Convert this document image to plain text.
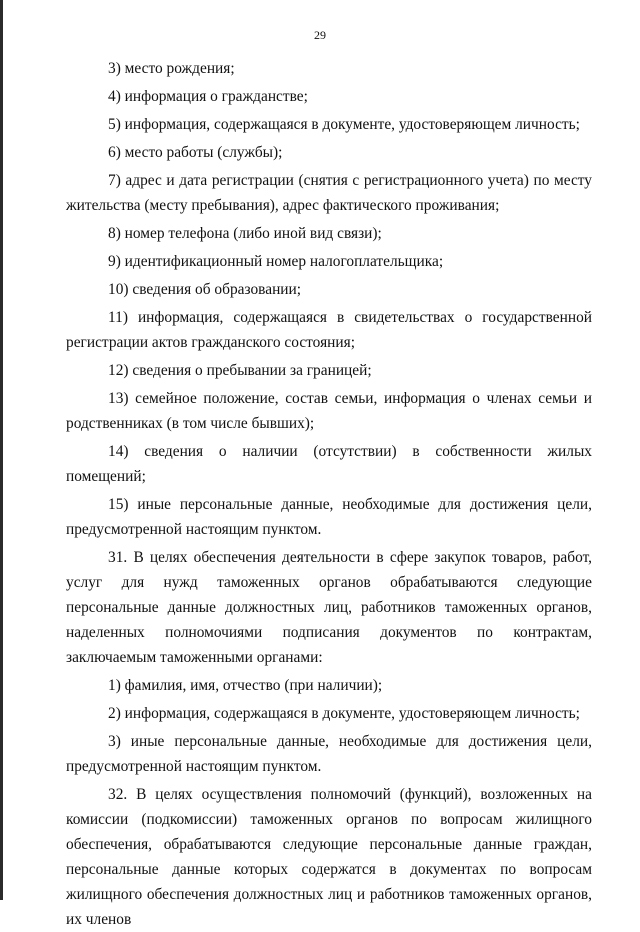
29

3) место рождения;

4) информация о гражданстве;

5) информация, содержащаяся в документе, удостоверяющем личность;

6) место работы (службы);

7) адрес и дата регистрации (снятия с регистрационного учета) по месту жительства (месту пребывания), адрес фактического проживания;

8) номер телефона (либо иной вид связи);

9) идентификационный номер налогоплательщика;

10) сведения об образовании;

11) информация, содержащаяся в свидетельствах о государственной регистрации актов гражданского состояния;

12) сведения о пребывании за границей;

13) семейное положение, состав семьи, информация о членах семьи и родственниках (в том числе бывших);

14) сведения о наличии (отсутствии) в собственности жилых помещений;

15) иные персональные данные, необходимые для достижения цели, предусмотренной настоящим пунктом.

31. В целях обеспечения деятельности в сфере закупок товаров, работ, услуг для нужд таможенных органов обрабатываются следующие персональные данные должностных лиц, работников таможенных органов, наделенных полномочиями подписания документов по контрактам, заключаемым таможенными органами:

1) фамилия, имя, отчество (при наличии);

2) информация, содержащаяся в документе, удостоверяющем личность;

3) иные персональные данные, необходимые для достижения цели, предусмотренной настоящим пунктом.

32. В целях осуществления полномочий (функций), возложенных на комиссии (подкомиссии) таможенных органов по вопросам жилищного обеспечения, обрабатываются следующие персональные данные граждан, персональные данные которых содержатся в документах по вопросам жилищного обеспечения должностных лиц и работников таможенных органов, их членов
